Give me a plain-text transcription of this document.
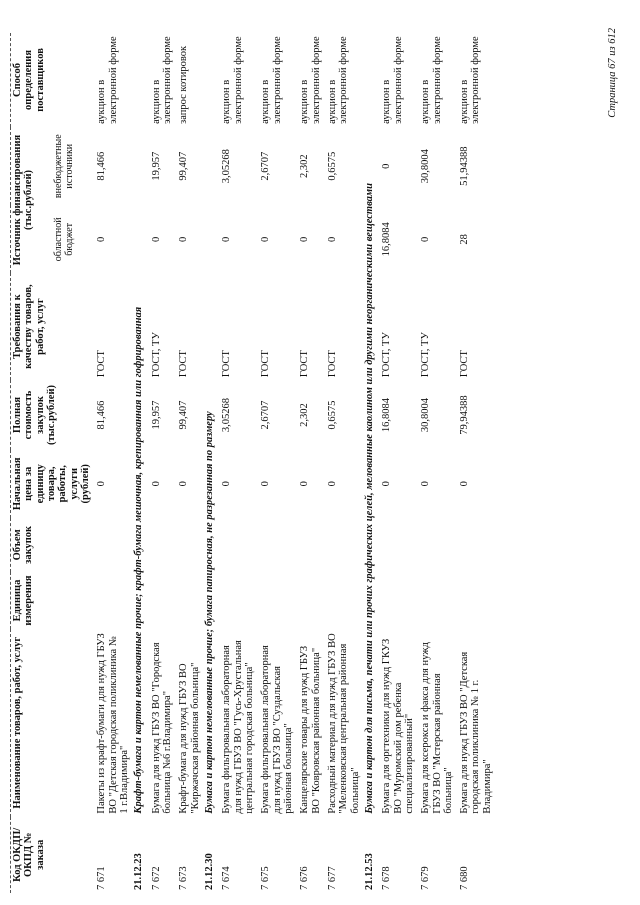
Код ОКДП/ ОКПД № заказа	Наименование товаров, работ, услуг	Единица измерения	Объем закупок	Начальная цена за единицу товара, работы, услуги (рублей)	Полная стоимость закупок (тыс.рублей)	Требования к качеству товаров, работ, услуг	Источник финансирования (тыс.рублей)		Способ определения поставщиков
							областной бюджет	внебюджетные источники	
7 671	Пакеты из крафт-бумаги для нужд ГБУЗ ВО "Детская городская поликлиника № 1 г.Владимира"			0	81,466	ГОСТ	0	81,466	аукцион в электронной форме
21.12.23	Крафт-бумага и картон немелованные прочие; крафт-бумага мешочная, крепированная или гофрированная								
7 672	Бумага для нужд ГБУЗ ВО "Городская больница №6 г.Владимира"			0	19,957	ГОСТ, ТУ	0	19,957	аукцион в электронной форме
7 673	Крафт-бумага для нужд ГБУЗ ВО "Киржачская районная больница"			0	99,407	ГОСТ	0	99,407	запрос котировок
21.12.30	Бумага и картон немелованные прочие; бумага папиросная, не разрезанная по размеру								
7 674	Бумага фильтровальная лабораторная для нужд ГБУЗ ВО "Гусь-Хрустальная центральная городская больница"			0	3,05268	ГОСТ	0	3,05268	аукцион в электронной форме
7 675	Бумага фильтровальная лабораторная для нужд ГБУЗ ВО "Суздальская районная больница"			0	2,6707	ГОСТ	0	2,6707	аукцион в электронной форме
7 676	Канцелярские товары для нужд ГБУЗ ВО "Ковровская районная больница"			0	2,302	ГОСТ	0	2,302	аукцион в электронной форме
7 677	Расходный материал для нужд ГБУЗ ВО "Меленковская центральная районная больница"			0	0,6575	ГОСТ	0	0,6575	аукцион в электронной форме
21.12.53	Бумага и картон для письма, печати или прочих графических целей, мелованные каолином или другими неорганическими веществами								
7 678	Бумага для оргтехники для нужд ГКУЗ ВО "Муромский дом ребенка специализированный"			0	16,8084	ГОСТ, ТУ	16,8084	0	аукцион в электронной форме
7 679	Бумага для ксерокса и факса для нужд ГБУЗ ВО "Мстерская районная больница"			0	30,8004	ГОСТ, ТУ	0	30,8004	аукцион в электронной форме
7 680	Бумага для нужд ГБУЗ ВО "Детская городская поликлиника № 1 г. Владимира"			0	79,94388	ГОСТ	28	51,94388	аукцион в электронной форме	Страница 67 из 612
